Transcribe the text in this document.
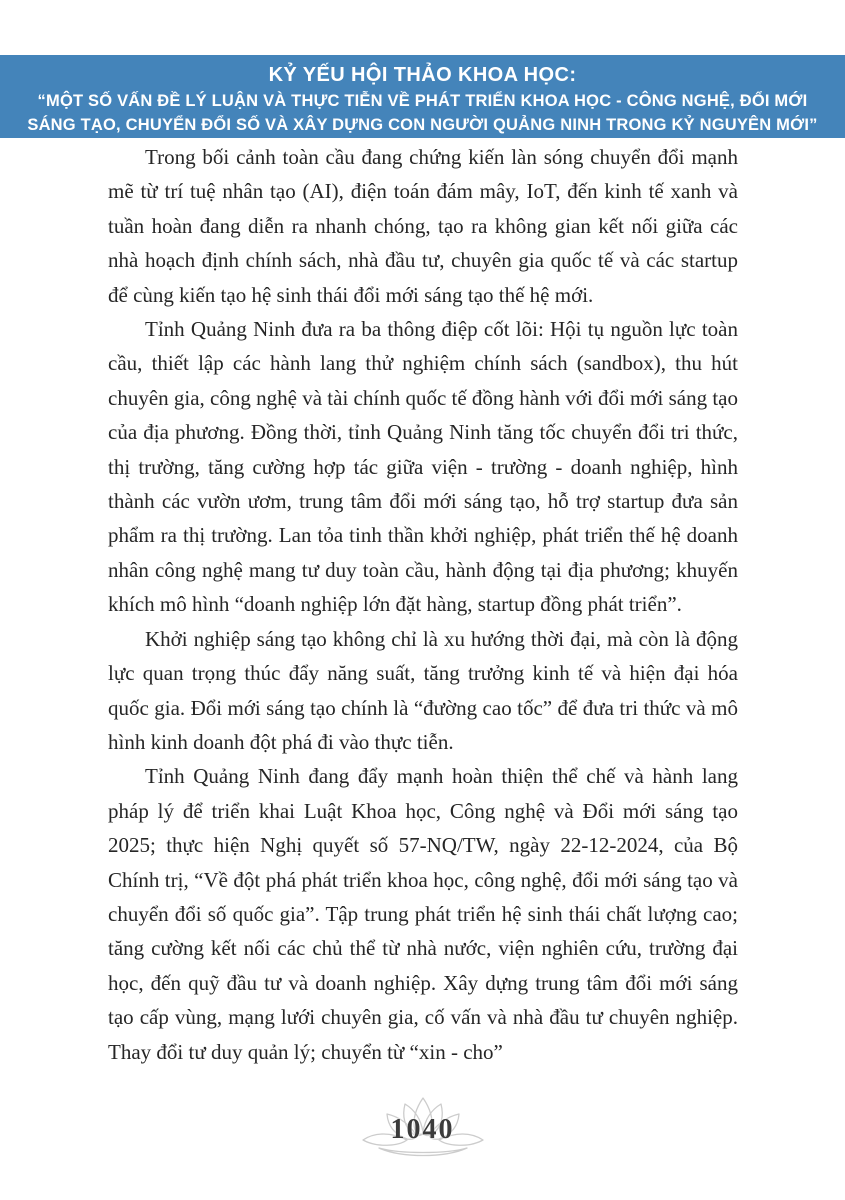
KỶ YẾU HỘI THẢO KHOA HỌC:
“MỘT SỐ VẤN ĐỀ LÝ LUẬN VÀ THỰC TIỄN VỀ PHÁT TRIỂN KHOA HỌC - CÔNG NGHỆ, ĐỔI MỚI
SÁNG TẠO, CHUYỂN ĐỔI SỐ VÀ XÂY DỰNG CON NGƯỜI QUẢNG NINH TRONG KỶ NGUYÊN MỚI”

Trong bối cảnh toàn cầu đang chứng kiến làn sóng chuyển đổi mạnh mẽ từ trí tuệ nhân tạo (AI), điện toán đám mây, IoT, đến kinh tế xanh và tuần hoàn đang diễn ra nhanh chóng, tạo ra không gian kết nối giữa các nhà hoạch định chính sách, nhà đầu tư, chuyên gia quốc tế và các startup để cùng kiến tạo hệ sinh thái đổi mới sáng tạo thế hệ mới.

Tỉnh Quảng Ninh đưa ra ba thông điệp cốt lõi: Hội tụ nguồn lực toàn cầu, thiết lập các hành lang thử nghiệm chính sách (sandbox), thu hút chuyên gia, công nghệ và tài chính quốc tế đồng hành với đổi mới sáng tạo của địa phương. Đồng thời, tỉnh Quảng Ninh tăng tốc chuyển đổi tri thức, thị trường, tăng cường hợp tác giữa viện - trường - doanh nghiệp, hình thành các vườn ươm, trung tâm đổi mới sáng tạo, hỗ trợ startup đưa sản phẩm ra thị trường. Lan tỏa tinh thần khởi nghiệp, phát triển thế hệ doanh nhân công nghệ mang tư duy toàn cầu, hành động tại địa phương; khuyến khích mô hình “doanh nghiệp lớn đặt hàng, startup đồng phát triển”.

Khởi nghiệp sáng tạo không chỉ là xu hướng thời đại, mà còn là động lực quan trọng thúc đẩy năng suất, tăng trưởng kinh tế và hiện đại hóa quốc gia. Đổi mới sáng tạo chính là “đường cao tốc” để đưa tri thức và mô hình kinh doanh đột phá đi vào thực tiễn.

Tỉnh Quảng Ninh đang đẩy mạnh hoàn thiện thể chế và hành lang pháp lý để triển khai Luật Khoa học, Công nghệ và Đổi mới sáng tạo 2025; thực hiện Nghị quyết số 57-NQ/TW, ngày 22-12-2024, của Bộ Chính trị, “Về đột phá phát triển khoa học, công nghệ, đổi mới sáng tạo và chuyển đổi số quốc gia”. Tập trung phát triển hệ sinh thái chất lượng cao; tăng cường kết nối các chủ thể từ nhà nước, viện nghiên cứu, trường đại học, đến quỹ đầu tư và doanh nghiệp. Xây dựng trung tâm đổi mới sáng tạo cấp vùng, mạng lưới chuyên gia, cố vấn và nhà đầu tư chuyên nghiệp. Thay đổi tư duy quản lý; chuyển từ “xin - cho”

1040
